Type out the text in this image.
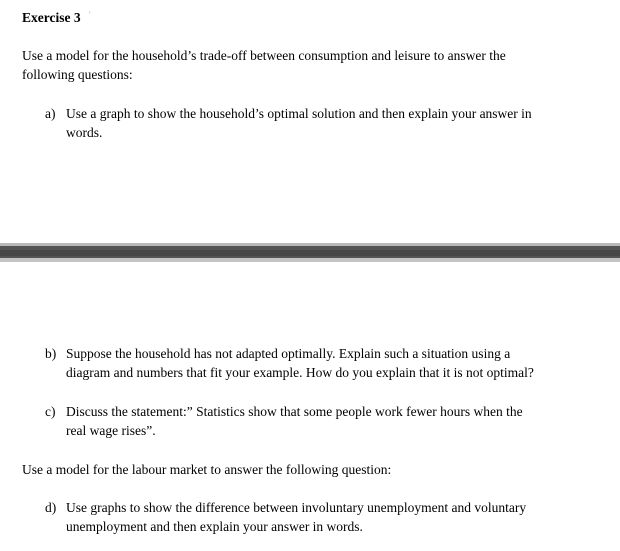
Exercise 3 '
Use a model for the household’s trade-off between consumption and leisure to answer the
following questions:
a) Use a graph to show the household’s optimal solution and then explain your answer in
words.
b) Suppose the household has not adapted optimally. Explain such a situation using a
diagram and numbers that fit your example. How do you explain that it is not optimal?
c) Discuss the statement:” Statistics show that some people work fewer hours when the
real wage rises”.
Use a model for the labour market to answer the following question:
d) Use graphs to show the difference between involuntary unemployment and voluntary
unemployment and then explain your answer in words.
